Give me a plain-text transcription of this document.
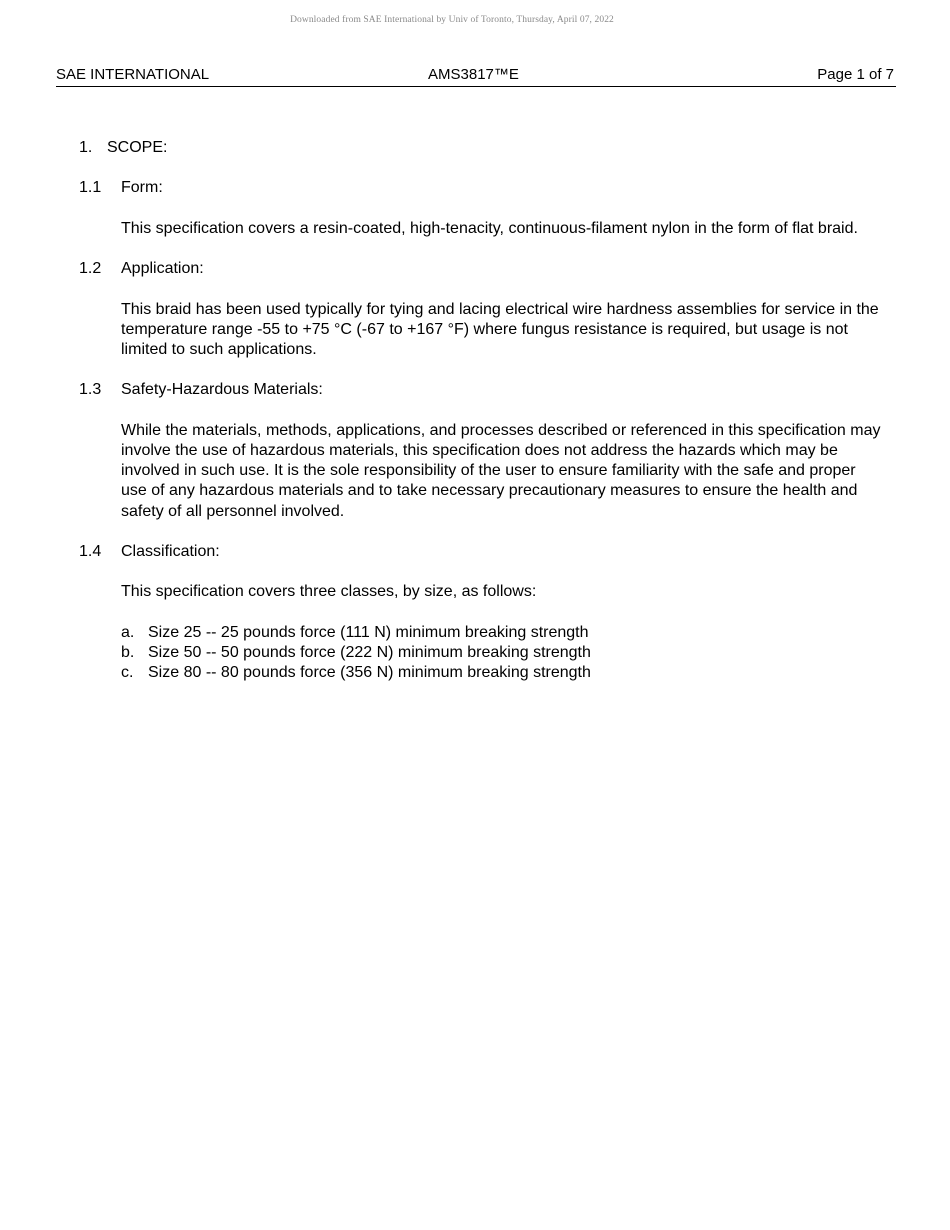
Downloaded from SAE International by Univ of Toronto, Thursday, April 07, 2022
SAE INTERNATIONAL	AMS3817™E	Page 1 of 7
1. SCOPE:
1.1 Form:
This specification covers a resin-coated, high-tenacity, continuous-filament nylon in the form of flat braid.
1.2 Application:
This braid has been used typically for tying and lacing electrical wire hardness assemblies for service in the temperature range -55 to +75 °C (-67 to +167 °F) where fungus resistance is required, but usage is not limited to such applications.
1.3 Safety-Hazardous Materials:
While the materials, methods, applications, and processes described or referenced in this specification may involve the use of hazardous materials, this specification does not address the hazards which may be involved in such use. It is the sole responsibility of the user to ensure familiarity with the safe and proper use of any hazardous materials and to take necessary precautionary measures to ensure the health and safety of all personnel involved.
1.4 Classification:
This specification covers three classes, by size, as follows:
a. Size 25 -- 25 pounds force (111 N) minimum breaking strength
b. Size 50 -- 50 pounds force (222 N) minimum breaking strength
c. Size 80 -- 80 pounds force (356 N) minimum breaking strength
